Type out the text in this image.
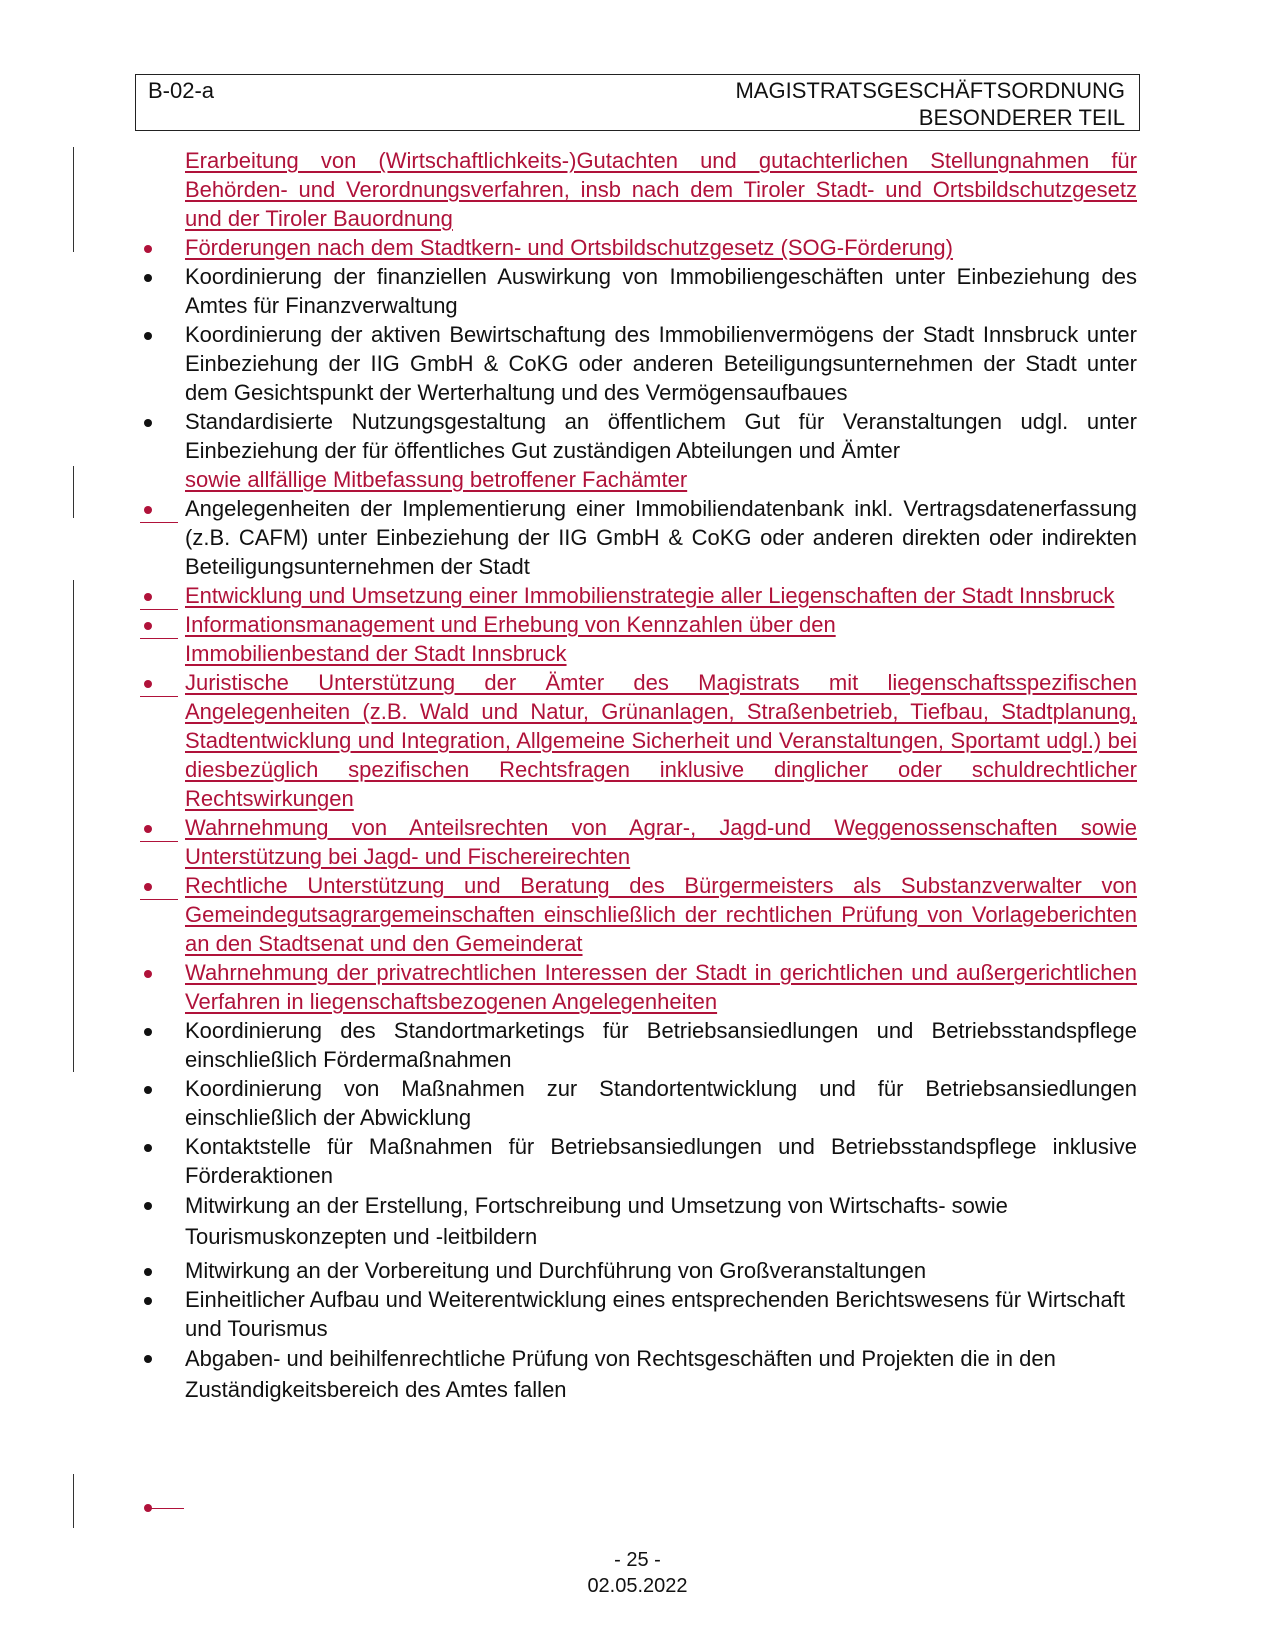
B-02-a	MAGISTRATSGESCHÄFTSORDNUNG
BESONDERER TEIL
Erarbeitung von (Wirtschaftlichkeits-)Gutachten und gutachterlichen Stellungnahmen für Behörden- und Verordnungsverfahren, insb nach dem Tiroler Stadt- und Ortsbildschutzgesetz und der Tiroler Bauordnung
Förderungen nach dem Stadtkern- und Ortsbildschutzgesetz (SOG-Förderung)
Koordinierung der finanziellen Auswirkung von Immobiliengeschäften unter Einbeziehung des Amtes für Finanzverwaltung
Koordinierung der aktiven Bewirtschaftung des Immobilienvermögens der Stadt Innsbruck unter Einbeziehung der IIG GmbH & CoKG oder anderen Beteiligungsunternehmen der Stadt unter dem Gesichtspunkt der Werterhaltung und des Vermögensaufbaues
Standardisierte Nutzungsgestaltung an öffentlichem Gut für Veranstaltungen udgl. unter Einbeziehung der für öffentliches Gut zuständigen Abteilungen und Ämter
sowie allfällige Mitbefassung betroffener Fachämter
Angelegenheiten der Implementierung einer Immobiliendatenbank inkl. Vertragsdatenerfassung (z.B. CAFM) unter Einbeziehung der IIG GmbH & CoKG oder anderen direkten oder indirekten Beteiligungsunternehmen der Stadt
Entwicklung und Umsetzung einer Immobilienstrategie aller Liegenschaften der Stadt Innsbruck
Informationsmanagement und Erhebung von Kennzahlen über den Immobilienbestand der Stadt Innsbruck
Juristische Unterstützung der Ämter des Magistrats mit liegenschaftsspezifischen Angelegenheiten (z.B. Wald und Natur, Grünanlagen, Straßenbetrieb, Tiefbau, Stadtplanung, Stadtentwicklung und Integration, Allgemeine Sicherheit und Veranstaltungen, Sportamt udgl.) bei diesbezüglich spezifischen Rechtsfragen inklusive dinglicher oder schuldrechtlicher Rechtswirkungen
Wahrnehmung von Anteilsrechten von Agrar-, Jagd-und Weggenossenschaften sowie Unterstützung bei Jagd- und Fischereirechten
Rechtliche Unterstützung und Beratung des Bürgermeisters als Substanzverwalter von Gemeindegutsagrargemeinschaften einschließlich der rechtlichen Prüfung von Vorlageberichten an den Stadtsenat und den Gemeinderat
Wahrnehmung der privatrechtlichen Interessen der Stadt in gerichtlichen und außergerichtlichen Verfahren in liegenschaftsbezogenen Angelegenheiten
Koordinierung des Standortmarketings für Betriebsansiedlungen und Betriebsstandspflege einschließlich Fördermaßnahmen
Koordinierung von Maßnahmen zur Standortentwicklung und für Betriebsansiedlungen einschließlich der Abwicklung
Kontaktstelle für Maßnahmen für Betriebsansiedlungen und Betriebsstandspflege inklusive Förderaktionen
Mitwirkung an der Erstellung, Fortschreibung und Umsetzung von Wirtschafts- sowie Tourismuskonzepten und -leitbildern
Mitwirkung an der Vorbereitung und Durchführung von Großveranstaltungen
Einheitlicher Aufbau und Weiterentwicklung eines entsprechenden Berichtswesens für Wirtschaft und Tourismus
Abgaben- und beihilfenrechtliche Prüfung von Rechtsgeschäften und Projekten die in den Zuständigkeitsbereich des Amtes fallen
- 25 -
02.05.2022
